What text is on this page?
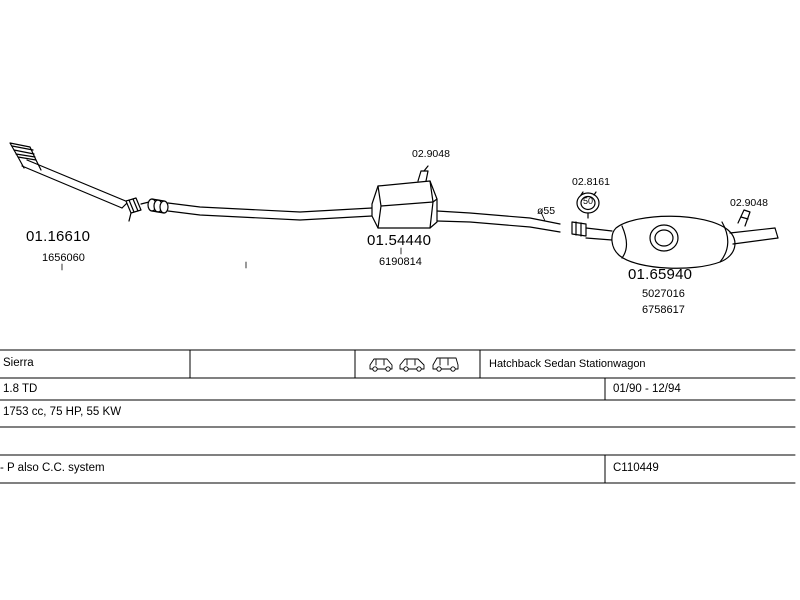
01.16610
1656060
01.54440
6190814
01.65940
5027016
6758617
02.9048
02.8161
02.9048
ø55
50
Sierra	Hatchback Sedan Stationwagon
1.8 TD	01/90 - 12/94
1753 cc, 75 HP, 55 KW
- P also C.C. system	C110449
